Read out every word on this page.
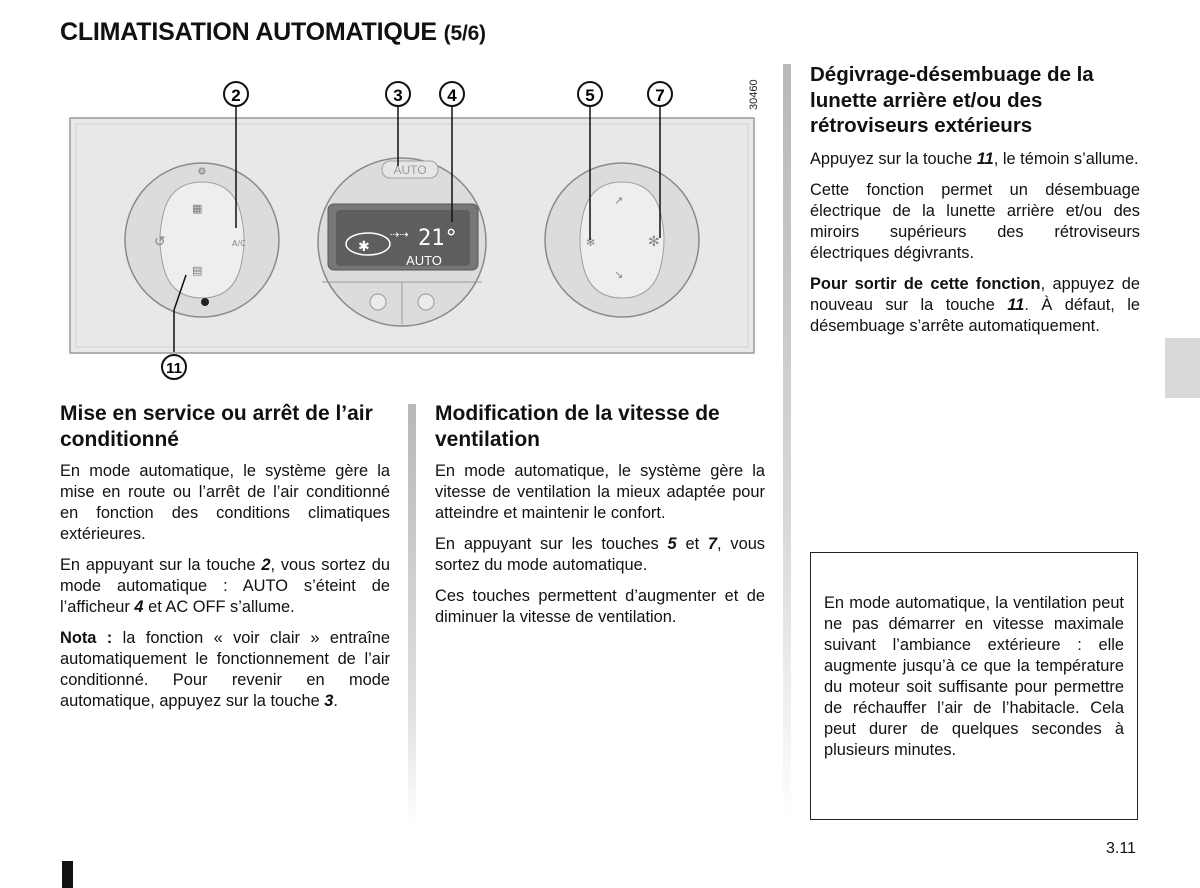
CLIMATISATION AUTOMATIQUE (5/6)
▦
▤
↺	A/C
AUTO
✱
⇢⇢ 21°
AUTO
↗
↘
✻	✻
2	3	4	5	7
11
30460
Mise en service ou arrêt de l’air conditionné

En mode automatique, le système gère la mise en route ou l’arrêt de l’air conditionné en fonction des conditions climatiques extérieures.

En appuyant sur la touche 2, vous sortez du mode automatique : AUTO s’éteint de l’afficheur 4 et AC OFF s’allume.

Nota : la fonction « voir clair » entraîne automatiquement le fonctionnement de l’air conditionné. Pour revenir en mode automatique, appuyez sur la touche 3.

Modification de la vitesse de ventilation

En mode automatique, le système gère la vitesse de ventilation la mieux adaptée pour atteindre et maintenir le confort.

En appuyant sur les touches 5 et 7, vous sortez du mode automatique.

Ces touches permettent d’augmenter et de diminuer la vitesse de ventilation.

Dégivrage-désembuage de la lunette arrière et/ou des rétroviseurs extérieurs

Appuyez sur la touche 11, le témoin s’allume.

Cette fonction permet un désembuage électrique de la lunette arrière et/ou des miroirs supérieurs des rétroviseurs électriques dégivrants.

Pour sortir de cette fonction, appuyez de nouveau sur la touche 11. À défaut, le désembuage s’arrête automatiquement.

En mode automatique, la ventilation peut ne pas démarrer en vitesse maximale suivant l’ambiance extérieure : elle augmente jusqu’à ce que la température du moteur soit suffisante pour permettre de réchauffer l’air de l’habitacle. Cela peut durer de quelques secondes à plusieurs minutes.

3.11
